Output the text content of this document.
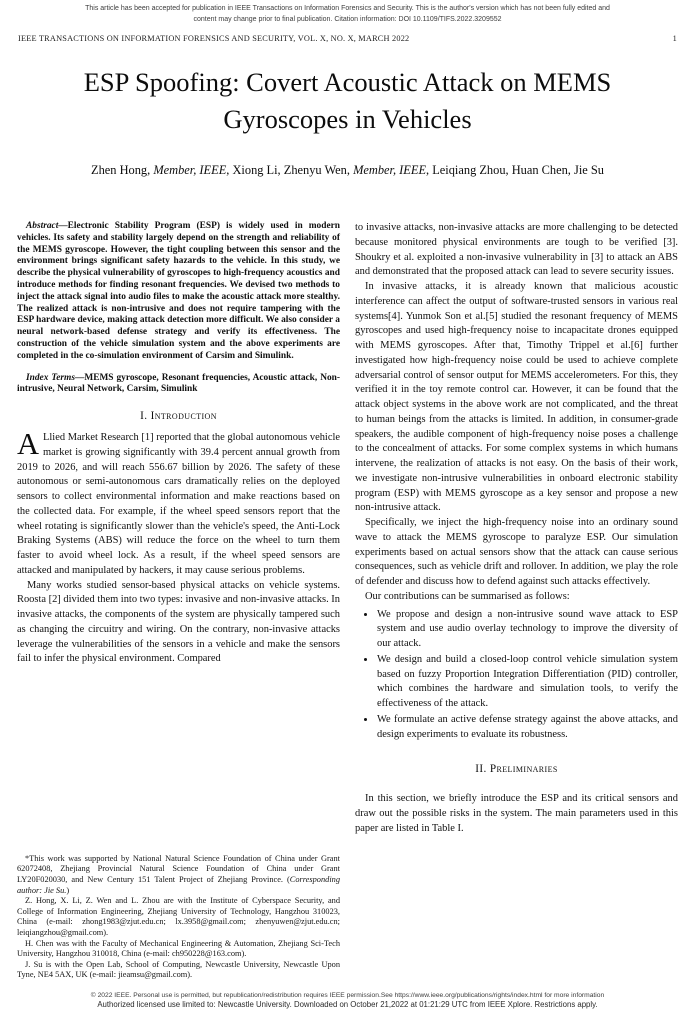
This article has been accepted for publication in IEEE Transactions on Information Forensics and Security. This is the author's version which has not been fully edited and
content may change prior to final publication. Citation information: DOI 10.1109/TIFS.2022.3209552
IEEE TRANSACTIONS ON INFORMATION FORENSICS AND SECURITY, VOL. X, NO. X, MARCH 2022	1
ESP Spoofing: Covert Acoustic Attack on MEMS
Gyroscopes in Vehicles
Zhen Hong, Member, IEEE, Xiong Li, Zhenyu Wen, Member, IEEE, Leiqiang Zhou, Huan Chen, Jie Su

Abstract—Electronic Stability Program (ESP) is widely used in modern vehicles. Its safety and stability largely depend on the strength and reliability of the MEMS gyroscope. However, the tight coupling between this sensor and the environment brings significant safety hazards to the vehicle. In this study, we describe the physical vulnerability of gyroscopes to high-frequency acoustics and introduce methods for finding resonant frequencies. We devised two methods to inject the attack signal into audio files to make the acoustic attack more stealthy. The realized attack is non-intrusive and does not require tampering with the ESP hardware device, making attack detection more difficult. We also consider a neural network-based defense strategy and verify its effectiveness. The construction of the vehicle simulation system and the above experiments are completed in the co-simulation environment of Carsim and Simulink.

Index Terms—MEMS gyroscope, Resonant frequencies, Acoustic attack, Non-intrusive, Neural Network, Carsim, Simulink

I. Introduction

A Llied Market Research [1] reported that the global autonomous vehicle market is growing significantly with 39.4 percent annual growth from 2019 to 2026, and will reach 556.67 billion by 2026. The safety of these autonomous or semi-autonomous cars dramatically relies on the deployed sensors to collect environmental information and make reactions based on the collected data. For example, if the wheel speed sensors report that the wheel rotating is significantly slower than the vehicle's speed, the Anti-Lock Braking Systems (ABS) will reduce the force on the wheel to turn them faster to avoid wheel lock. As a result, if the wheel speed sensors are attacked and manipulated by hackers, it may cause serious problems.

Many works studied sensor-based physical attacks on vehicle systems. Roosta [2] divided them into two types: invasive and non-invasive attacks. In invasive attacks, the components of the system are physically tampered such as changing the circuitry and wiring. On the contrary, non-invasive attacks leverage the vulnerabilities of the sensors in a vehicle and make the sensors fail to infer the physical environment. Compared

*This work was supported by National Natural Science Foundation of China under Grant 62072408, Zhejiang Provincial Natural Science Foundation of China under Grant LY20F020030, and New Century 151 Talent Project of Zhejiang Province. (Corresponding author: Jie Su.)

Z. Hong, X. Li, Z. Wen and L. Zhou are with the Institute of Cyberspace Security, and College of Information Engineering, Zhejiang University of Technology, Hangzhou 310023, China (e-mail: zhong1983@zjut.edu.cn; lx.3958@gmail.com; zhenyuwen@zjut.edu.cn; leiqiangzhou@gmail.com).

H. Chen was with the Faculty of Mechanical Engineering & Automation, Zhejiang Sci-Tech University, Hangzhou 310018, China (e-mail: ch950228@163.com).

J. Su is with the Open Lab, School of Computing, Newcastle University, Newcastle Upon Tyne, NE4 5AX, UK (e-mail: jieamsu@gmail.com).

to invasive attacks, non-invasive attacks are more challenging to be detected because monitored physical environments are tough to be verified [3]. Shoukry et al. exploited a non-invasive vulnerability in [3] to attack an ABS and demonstrated that the proposed attack can lead to severe security issues.

In invasive attacks, it is already known that malicious acoustic interference can affect the output of software-trusted sensors in various real systems[4]. Yunmok Son et al.[5] studied the resonant frequency of MEMS gyroscopes and used high-frequency noise to incapacitate drones equipped with MEMS gyroscopes. After that, Timothy Trippel et al.[6] further investigated how high-frequency noise could be used to achieve complete adversarial control of sensor output for MEMS accelerometers. For this, they verified it in the toy remote control car. However, it can be found that the attack object systems in the above work are not complicated, and the threat to human beings from the attacks is limited. In addition, in consumer-grade speakers, the audible component of high-frequency noise poses a challenge to the concealment of attacks. For some complex systems in which humans intervene, the realization of attacks is not easy. On the basis of their work, we investigate non-intrusive vulnerabilities in onboard electronic stability program (ESP) with MEMS gyroscope as a key sensor and propose a new non-intrusive attack.

Specifically, we inject the high-frequency noise into an ordinary sound wave to attack the MEMS gyroscope to paralyze ESP. Our simulation experiments based on actual sensors show that the attack can cause serious consequences, such as vehicle drift and rollover. In addition, we play the role of defender and discuss how to defend against such attacks effectively.

Our contributions can be summarised as follows:

• We propose and design a non-intrusive sound wave attack to ESP system and use audio overlay technology to improve the diversity of our attack.
• We design and build a closed-loop control vehicle simulation system based on fuzzy Proportion Integration Differentiation (PID) controller, which combines the hardware and simulation tools, to verify the effectiveness of the attack.
• We formulate an active defense strategy against the above attacks, and design experiments to evaluate its robustness.
II. Preliminaries

In this section, we briefly introduce the ESP and its critical sensors and draw out the possible risks in the system. The main parameters used in this paper are listed in Table I.

© 2022 IEEE. Personal use is permitted, but republication/redistribution requires IEEE permission.See https://www.ieee.org/publications/rights/index.html for more information
Authorized licensed use limited to: Newcastle University. Downloaded on October 21,2022 at 01:21:29 UTC from IEEE Xplore. Restrictions apply.
